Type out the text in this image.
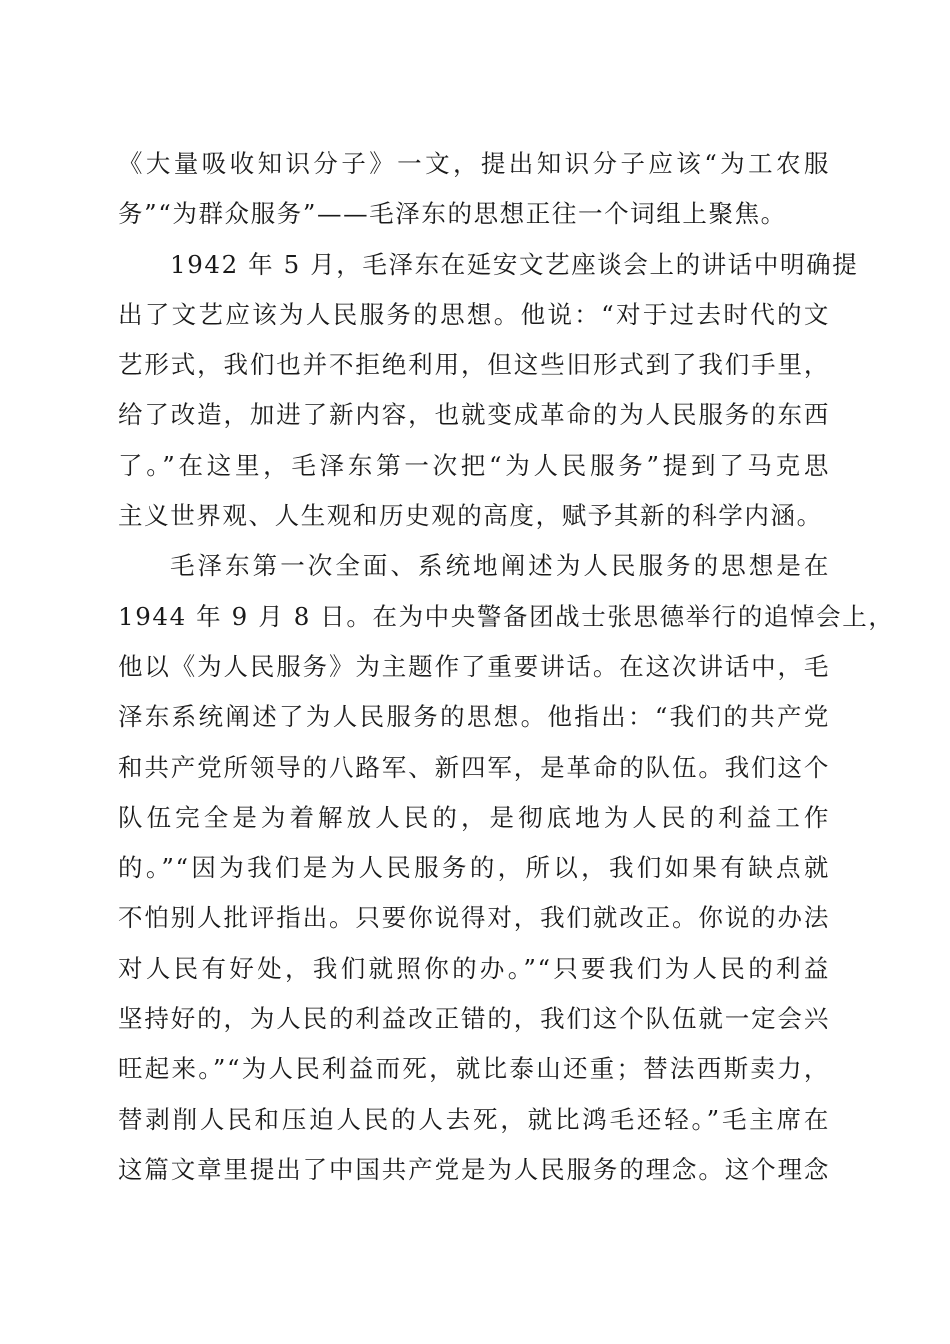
《大量吸收知识分子》一文，提出知识分子应该“为工农服
务”“为群众服务”——毛泽东的思想正往一个词组上聚焦。
1942 年 5 月，毛泽东在延安文艺座谈会上的讲话中明确提
出了文艺应该为人民服务的思想。他说：“对于过去时代的文
艺形式，我们也并不拒绝利用，但这些旧形式到了我们手里，
给了改造，加进了新内容，也就变成革命的为人民服务的东西
了。”在这里，毛泽东第一次把“为人民服务”提到了马克思
主义世界观、人生观和历史观的高度，赋予其新的科学内涵。
毛泽东第一次全面、系统地阐述为人民服务的思想是在
1944 年 9 月 8 日。在为中央警备团战士张思德举行的追悼会上，
他以《为人民服务》为主题作了重要讲话。在这次讲话中，毛
泽东系统阐述了为人民服务的思想。他指出：“我们的共产党
和共产党所领导的八路军、新四军，是革命的队伍。我们这个
队伍完全是为着解放人民的，是彻底地为人民的利益工作
的。”“因为我们是为人民服务的，所以，我们如果有缺点就
不怕别人批评指出。只要你说得对，我们就改正。你说的办法
对人民有好处，我们就照你的办。”“只要我们为人民的利益
坚持好的，为人民的利益改正错的，我们这个队伍就一定会兴
旺起来。”“为人民利益而死，就比泰山还重；替法西斯卖力，
替剥削人民和压迫人民的人去死，就比鸿毛还轻。”毛主席在
这篇文章里提出了中国共产党是为人民服务的理念。这个理念
